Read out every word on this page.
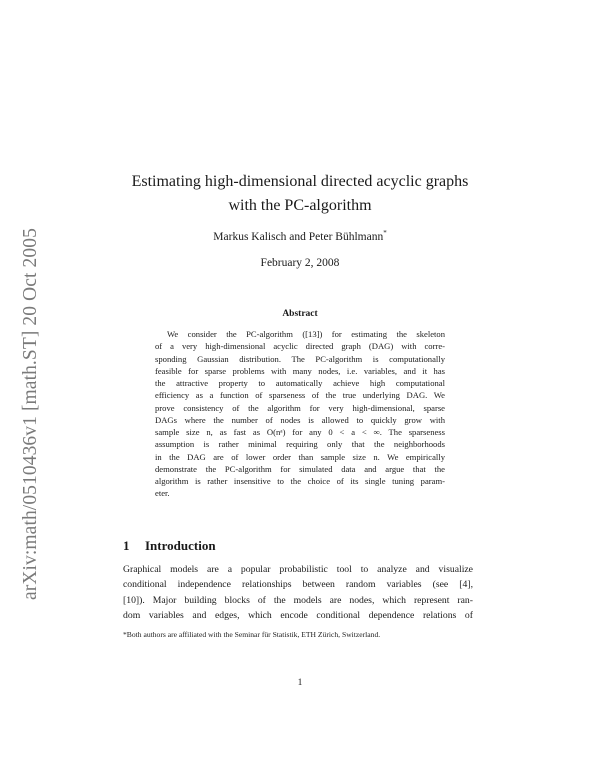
arXiv:math/0510436v1 [math.ST] 20 Oct 2005
Estimating high-dimensional directed acyclic graphs
with the PC-algorithm
Markus Kalisch and Peter Bühlmann*
February 2, 2008
Abstract
We consider the PC-algorithm ([13]) for estimating the skeleton
of a very high-dimensional acyclic directed graph (DAG) with corre-
sponding Gaussian distribution. The PC-algorithm is computationally
feasible for sparse problems with many nodes, i.e. variables, and it has
the attractive property to automatically achieve high computational
efficiency as a function of sparseness of the true underlying DAG. We
prove consistency of the algorithm for very high-dimensional, sparse
DAGs where the number of nodes is allowed to quickly grow with
sample size n, as fast as O(nᵃ) for any 0 < a < ∞. The sparseness
assumption is rather minimal requiring only that the neighborhoods
in the DAG are of lower order than sample size n. We empirically
demonstrate the PC-algorithm for simulated data and argue that the
algorithm is rather insensitive to the choice of its single tuning param-
eter.
1 Introduction
Graphical models are a popular probabilistic tool to analyze and visualize
conditional independence relationships between random variables (see [4],
[10]). Major building blocks of the models are nodes, which represent ran-
dom variables and edges, which encode conditional dependence relations of
*Both authors are affiliated with the Seminar für Statistik, ETH Zürich, Switzerland.
1
